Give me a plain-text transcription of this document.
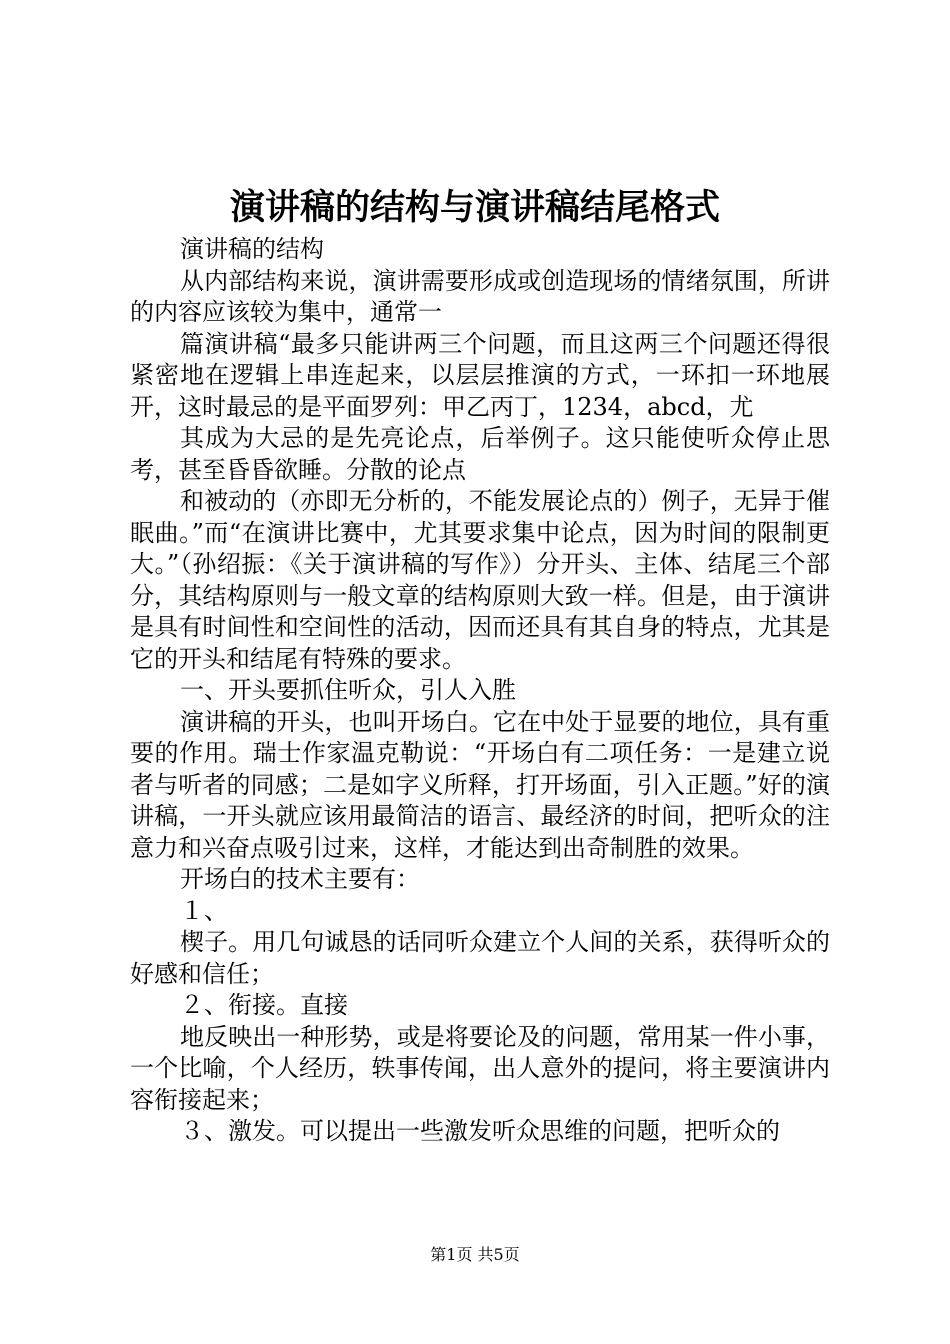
演讲稿的结构与演讲稿结尾格式

演讲稿的结构

从内部结构来说，演讲需要形成或创造现场的情绪氛围，所讲的内容应该较为集中，通常一

篇演讲稿“最多只能讲两三个问题，而且这两三个问题还得很紧密地在逻辑上串连起来，以层层推演的方式，一环扣一环地展开，这时最忌的是平面罗列：甲乙丙丁，1234，abcd，尤

其成为大忌的是先亮论点，后举例子。这只能使听众停止思考，甚至昏昏欲睡。分散的论点

和被动的（亦即无分析的，不能发展论点的）例子，无异于催眠曲。”而“在演讲比赛中，尤其要求集中论点，因为时间的限制更大。”（孙绍振：《关于演讲稿的写作》）分开头、主体、结尾三个部分，其结构原则与一般文章的结构原则大致一样。但是，由于演讲是具有时间性和空间性的活动，因而还具有其自身的特点，尤其是它的开头和结尾有特殊的要求。

一、开头要抓住听众，引人入胜

演讲稿的开头，也叫开场白。它在中处于显要的地位，具有重要的作用。瑞士作家温克勒说：“开场白有二项任务：一是建立说者与听者的同感；二是如字义所释，打开场面，引入正题。”好的演讲稿，一开头就应该用最简洁的语言、最经济的时间，把听众的注意力和兴奋点吸引过来，这样，才能达到出奇制胜的效果。

开场白的技术主要有：

１、

楔子。用几句诚恳的话同听众建立个人间的关系，获得听众的好感和信任；

２、衔接。直接

地反映出一种形势，或是将要论及的问题，常用某一件小事，一个比喻，个人经历，轶事传闻，出人意外的提问，将主要演讲内容衔接起来；

３、激发。可以提出一些激发听众思维的问题，把听众的

第1页 共5页
